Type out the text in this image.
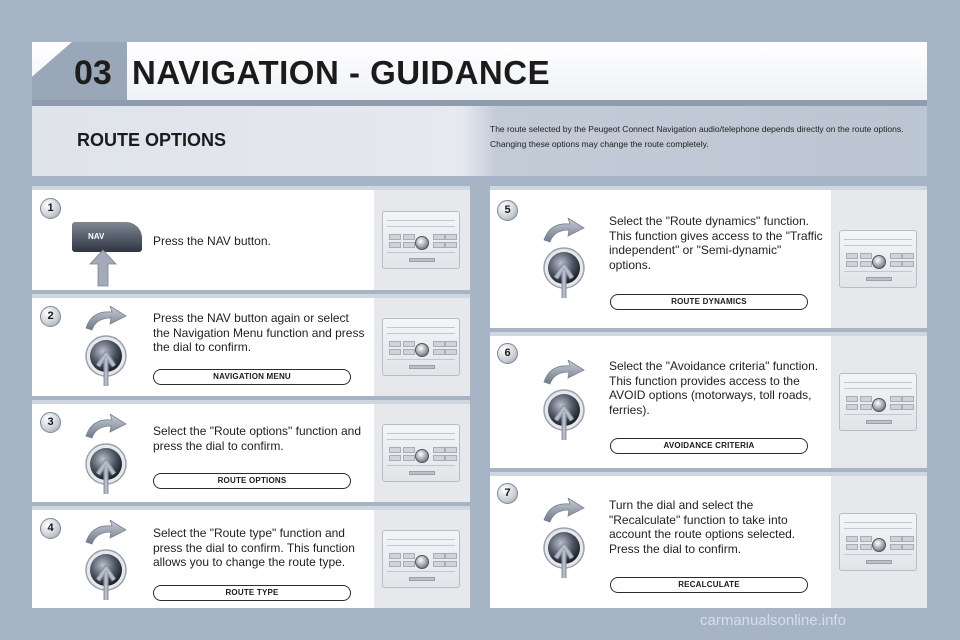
03 NAVIGATION - GUIDANCE
ROUTE OPTIONS

The route selected by the Peugeot Connect Navigation audio/telephone depends directly on the route options.

Changing these options may change the route completely.

1
NAV	Press the NAV button.
2	Press the NAV button again or select the Navigation Menu function and press the dial to confirm.
NAVIGATION MENU
3
Select the "Route options" function and press the dial to confirm.
ROUTE OPTIONS
4	Select the "Route type" function and press the dial to confirm. This function allows you to change the route type.
ROUTE TYPE
5
Select the "Route dynamics" function. This function gives access to the "Traffic independent" or "Semi-dynamic" options.
ROUTE DYNAMICS
6
Select the "Avoidance criteria" function. This function provides access to the AVOID options (motorways, toll roads, ferries).
AVOIDANCE CRITERIA
7
Turn the dial and select the "Recalculate" function to take into account the route options selected. Press the dial to confirm.
RECALCULATE
carmanualsonline.info
